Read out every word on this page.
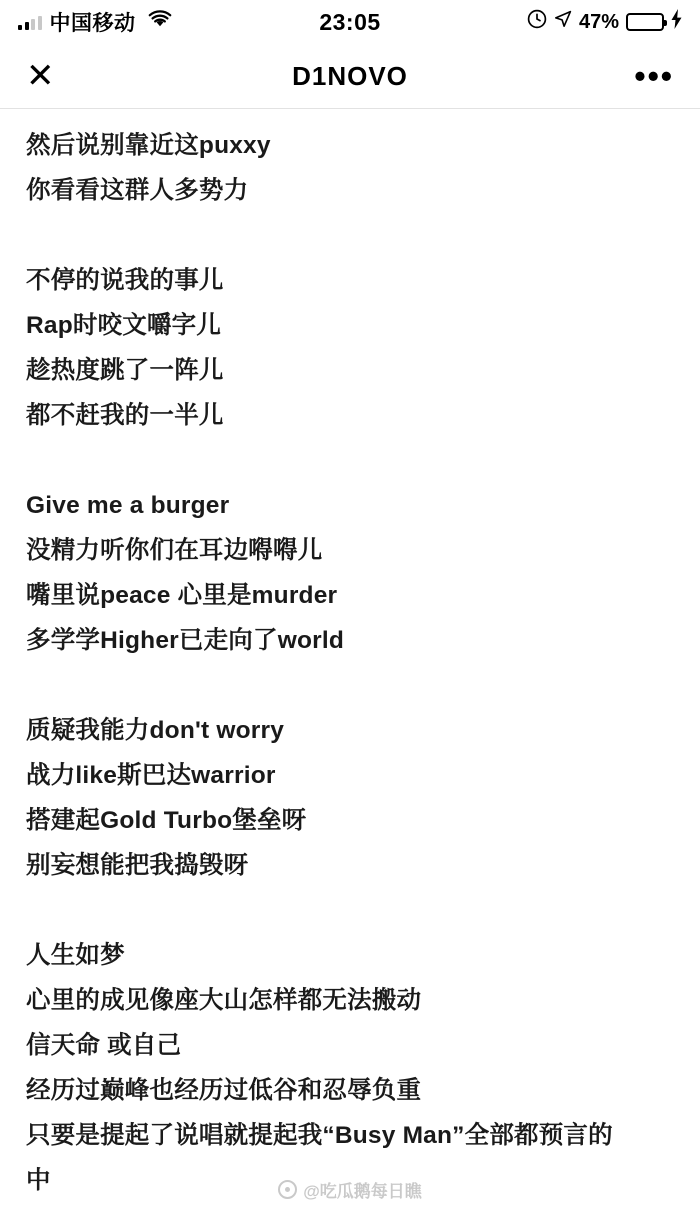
中国移动	23:05	47%
✕	D1NOVO	•••
然后说别靠近这puxxy
你看看这群人多势力
不停的说我的事儿
Rap时咬文嚼字儿
趁热度跳了一阵儿
都不赶我的一半儿
Give me a burger
没精力听你们在耳边嘚嘚儿
嘴里说peace 心里是murder
多学学Higher已走向了world
质疑我能力don't worry
战力like斯巴达warrior
搭建起Gold Turbo堡垒呀
别妄想能把我捣毁呀
人生如梦
心里的成见像座大山怎样都无法搬动
信天命 或自己
经历过巅峰也经历过低谷和忍辱负重
只要是提起了说唱就提起我“Busy Man”全部都预言的
中	@吃瓜鹅每日瞧
